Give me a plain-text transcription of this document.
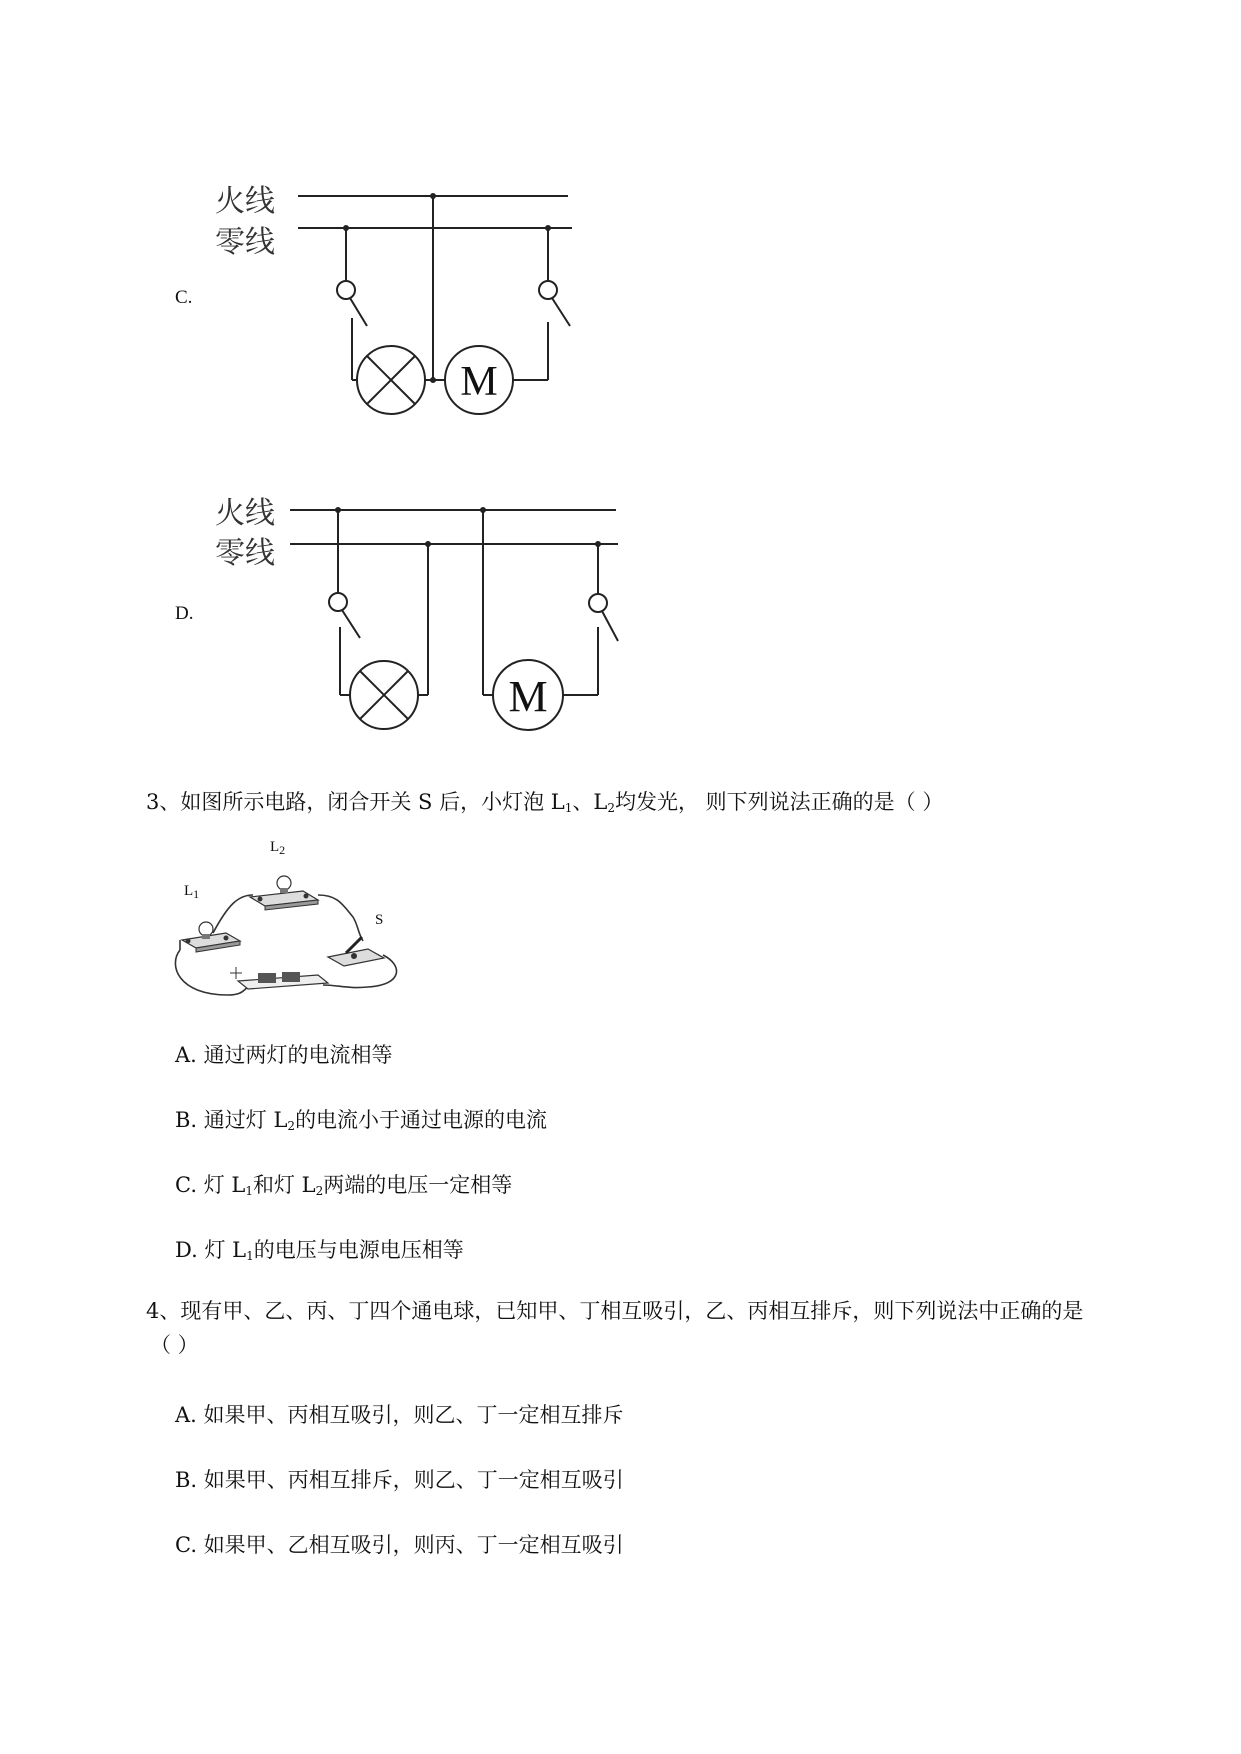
C.
火线
零线
M
D.
火线
零线
M
3、如图所示电路，闭合开关 S 后，小灯泡 $L_1$、$L_2$均发光， 则下列说法正确的是（ ）
$L_2$
$L_1$
S
A. 通过两灯的电流相等
B. 通过灯 $L_2$的电流小于通过电源的电流
C. 灯 $L_1$和灯 $L_2$两端的电压一定相等
D. 灯 $L_1$的电压与电源电压相等
4、现有甲、乙、丙、丁四个通电球，已知甲、丁相互吸引，乙、丙相互排斥，则下列说法中正确的是
（ ）
A. 如果甲、丙相互吸引，则乙、丁一定相互排斥
B. 如果甲、丙相互排斥，则乙、丁一定相互吸引
C. 如果甲、乙相互吸引，则丙、丁一定相互吸引
